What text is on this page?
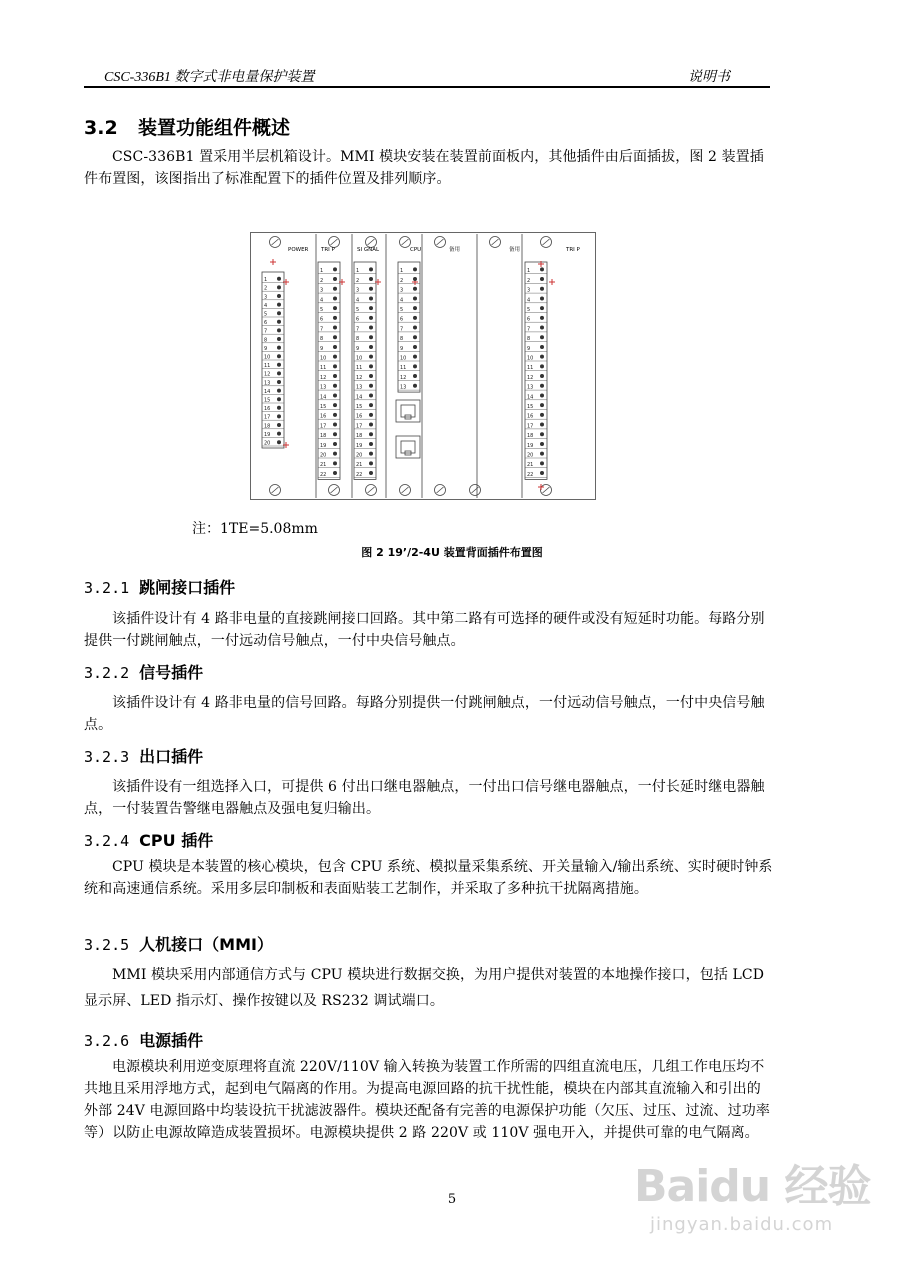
CSC-336B1 数字式非电量保护装置	说明书
3.2 装置功能组件概述
CSC-336B1 置采用半层机箱设计。MMI 模块安装在装置前面板内，其他插件由后面插拔，图 2 装置插件布置图，该图指出了标准配置下的插件位置及排列顺序。
1
2
3
4
5
6
7
8
9
10
11
12
13
14
15
16
17
18
19
20
1
2
3
4
5
6
7
8
9
10
11
12
13
14
15
16
17
18
19
20
21
22
1
2
3
4
5
6
7
8
9
10
11
12
13
14
15
16
17
18
19
20
21
22
1
2
3
4
5
6
7
8
9
10
11
12
13
1
2
3
4
5
6
7
8
9
10
11
12
13
14
15
16
17
18
19
20
21
22
POWER TRI P	SI GNAL	CPU	备用	备用	TRI P
注：1TE=5.08mm
图 2 19’/2-4U 装置背面插件布置图
3.2.1 跳闸接口插件
该插件设计有 4 路非电量的直接跳闸接口回路。其中第二路有可选择的硬件或没有短延时功能。每路分别提供一付跳闸触点，一付远动信号触点，一付中央信号触点。
3.2.2 信号插件
该插件设计有 4 路非电量的信号回路。每路分别提供一付跳闸触点，一付远动信号触点，一付中央信号触点。
3.2.3 出口插件
该插件设有一组选择入口，可提供 6 付出口继电器触点，一付出口信号继电器触点，一付长延时继电器触点，一付装置告警继电器触点及强电复归输出。
3.2.4 CPU 插件
CPU 模块是本装置的核心模块，包含 CPU 系统、模拟量采集系统、开关量输入/输出系统、实时硬时钟系统和高速通信系统。采用多层印制板和表面贴装工艺制作，并采取了多种抗干扰隔离措施。
3.2.5 人机接口（MMI）
MMI 模块采用内部通信方式与 CPU 模块进行数据交换，为用户提供对装置的本地操作接口，包括 LCD 显示屏、LED 指示灯、操作按键以及 RS232 调试端口。
3.2.6 电源插件
电源模块利用逆变原理将直流 220V/110V 输入转换为装置工作所需的四组直流电压，几组工作电压均不共地且采用浮地方式，起到电气隔离的作用。为提高电源回路的抗干扰性能，模块在内部其直流输入和引出的外部 24V 电源回路中均装设抗干扰滤波器件。模块还配备有完善的电源保护功能（欠压、过压、过流、过功率等）以防止电源故障造成装置损坏。电源模块提供 2 路 220V 或 110V 强电开入，并提供可靠的电气隔离。
5	Baidu 经验
jingyan.baidu.com
